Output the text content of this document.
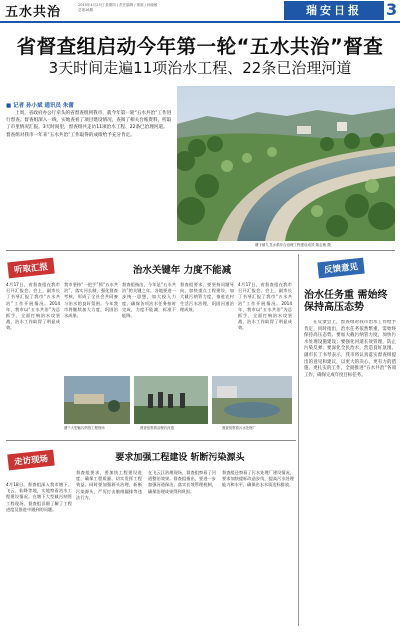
五水共治	2015年4月23日 星期四 | 责任编辑 / 邢源 / 孙晓敏
总第16期	瑞安日报	3
省督查组启动今年第一轮“五水共治”督查
3天时间走遍11项治水工程、22条已治理河道
■ 记者 孙小斌 通讯员 朱蕾
上周，省政府办公厅牵头的省督查组到我市，就今年第一轮“五水共治”工作进行督查。督查组深入一线，实地查看了项目建设情况，查阅了相关台账资料，听取了市里情况汇报。3天时间里，督查组共走访11项治水工程、22条已治理河道。督查组对我市一年来“五水共治”工作取得的成绩给予充分肯定。
塘下镇九龙水系综合治理工程建设成效 陈志敏 摄
听取汇报	治水关键年 力度不能减
4月17日，省督查组在我市召开汇报会。会上，副市长丁书琴汇报了我市“五水共治”工作开展情况。2014年，我市以“五水共治”为总抓手，全面打响治水攻坚战，治水工作取得了明显成效。
我市坚持“一把手”抓“五水共治”，落实河长制，强化督查考核，形成了全社会共同参与治水的良好氛围。今年我市将继续加大力度，巩固治水成果。
督查组指出，今年是“五水共治”的关键之年，各地要进一步统一思想，加大投入力度，确保各项治水任务按时完成，力度不能减，标准不能降。
督查组要求，要坚持问题导向，加快重点工程建设，加大截污纳管力度，推进农村生活污水治理，巩固河道治理成效。
4月17日，省督查组在我市召开汇报会。会上，副市长丁书琴汇报了我市“五水共治”工作开展情况。2014年，我市以“五水共治”为总抓手，全面打响治水攻坚战，治水工作取得了明显成效。
塘下大型截污纳管工程现场	督查组察看治理后河道	督查组察看污水处理厂
反馈意见
治水任务重 需始终保持高压态势
在反馈会上，督查组对我市治水工作给予肯定，同时指出，治水任务依然繁重，需始终保持高压态势。要加大截污纳管力度，加快污水处理设施建设；要强化河道长效管理，防止污染反弹；要深化全民治水，营造良好氛围。副市长丁书琴表示，我市将认真落实督查组提出的意见和建议，以更大的决心、更有力的措施、更扎实的工作，全面推进“五水共治”各项工作，确保完成年度目标任务。
走访现场	要求加强工程建设 斩断污染源头
4月18日，督查组深入我市塘下、飞云、仙降等地，实地察看治水工程建设情况。在塘下大型截污纳管工程现场，督查组详细了解了工程进度及推进中遇到的问题。
督查组要求，要加快工程建设进度，确保工程质量，切实发挥工程效益。同时要加强源头治理，斩断污染源头，严厉打击偷排漏排等违法行为。
在飞云江治理现场，督查组察看了河道整治效果。督查组指出，要进一步加强河道保洁，落实长效管理机制，确保治理成果得到巩固。
督查组还察看了污水处理厂建设情况，要求加快提标改造步伐，提高污水处理能力和水平，确保出水水质达标排放。
